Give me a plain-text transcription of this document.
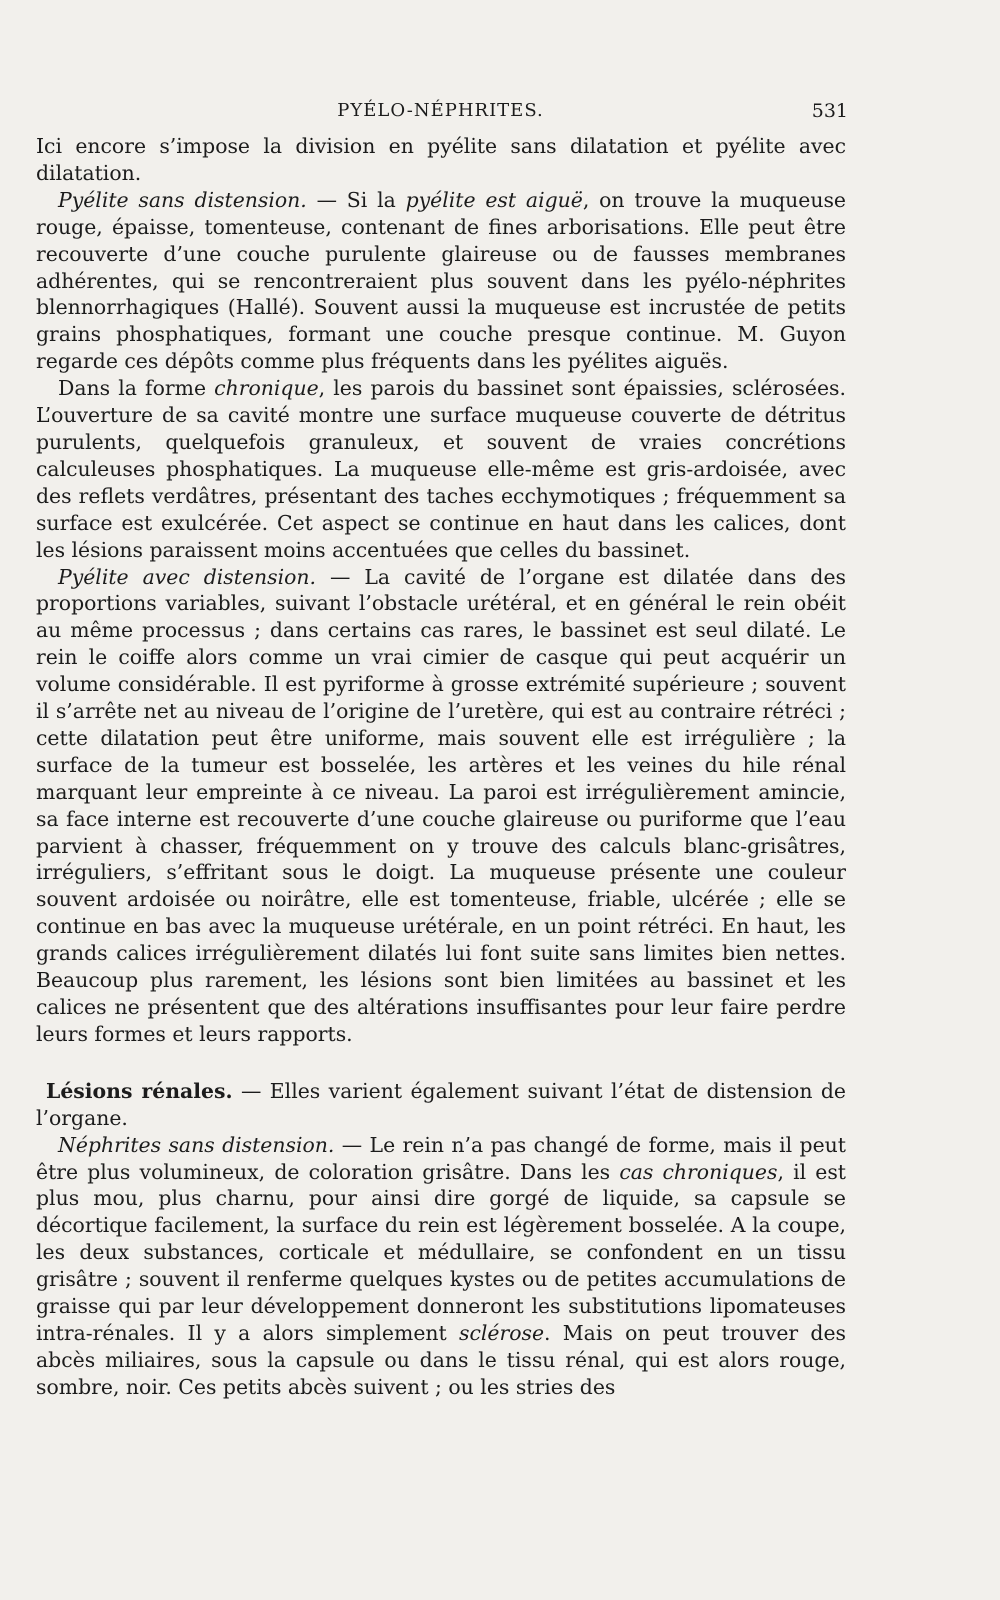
PYÉLO-NÉPHRITES.	531

Ici encore s’impose la division en pyélite sans dilatation et pyélite avec dilatation.

Pyélite sans distension. — Si la pyélite est aiguë, on trouve la muqueuse rouge, épaisse, tomenteuse, contenant de fines arborisations. Elle peut être recouverte d’une couche purulente glaireuse ou de fausses membranes adhérentes, qui se rencontreraient plus souvent dans les pyélo-néphrites blennorrhagiques (Hallé). Souvent aussi la muqueuse est incrustée de petits grains phosphatiques, formant une couche presque continue. M. Guyon regarde ces dépôts comme plus fréquents dans les pyélites aiguës.

Dans la forme chronique, les parois du bassinet sont épaissies, sclérosées. L’ouverture de sa cavité montre une surface muqueuse couverte de détritus purulents, quelquefois granuleux, et souvent de vraies concrétions calculeuses phosphatiques. La muqueuse elle-même est gris-ardoisée, avec des reflets verdâtres, présentant des taches ecchymotiques ; fréquemment sa surface est exulcérée. Cet aspect se continue en haut dans les calices, dont les lésions paraissent moins accentuées que celles du bassinet.

Pyélite avec distension. — La cavité de l’organe est dilatée dans des proportions variables, suivant l’obstacle urétéral, et en général le rein obéit au même processus ; dans certains cas rares, le bassinet est seul dilaté. Le rein le coiffe alors comme un vrai cimier de casque qui peut acquérir un volume considérable. Il est pyriforme à grosse extrémité supérieure ; souvent il s’arrête net au niveau de l’origine de l’uretère, qui est au contraire rétréci ; cette dilatation peut être uniforme, mais souvent elle est irrégulière ; la surface de la tumeur est bosselée, les artères et les veines du hile rénal marquant leur empreinte à ce niveau. La paroi est irrégulièrement amincie, sa face interne est recouverte d’une couche glaireuse ou puriforme que l’eau parvient à chasser, fréquemment on y trouve des calculs blanc-grisâtres, irréguliers, s’effritant sous le doigt. La muqueuse présente une couleur souvent ardoisée ou noirâtre, elle est tomenteuse, friable, ulcérée ; elle se continue en bas avec la muqueuse urétérale, en un point rétréci. En haut, les grands calices irrégulièrement dilatés lui font suite sans limites bien nettes. Beaucoup plus rarement, les lésions sont bien limitées au bassinet et les calices ne présentent que des altérations insuffisantes pour leur faire perdre leurs formes et leurs rapports.

Lésions rénales. — Elles varient également suivant l’état de distension de l’organe.

Néphrites sans distension. — Le rein n’a pas changé de forme, mais il peut être plus volumineux, de coloration grisâtre. Dans les cas chroniques, il est plus mou, plus charnu, pour ainsi dire gorgé de liquide, sa capsule se décortique facilement, la surface du rein est légèrement bosselée. A la coupe, les deux substances, corticale et médullaire, se confondent en un tissu grisâtre ; souvent il renferme quelques kystes ou de petites accumulations de graisse qui par leur développement donneront les substitutions lipomateuses intra-rénales. Il y a alors simplement sclérose. Mais on peut trouver des abcès miliaires, sous la capsule ou dans le tissu rénal, qui est alors rouge, sombre, noir. Ces petits abcès suivent ; ou les stries des
